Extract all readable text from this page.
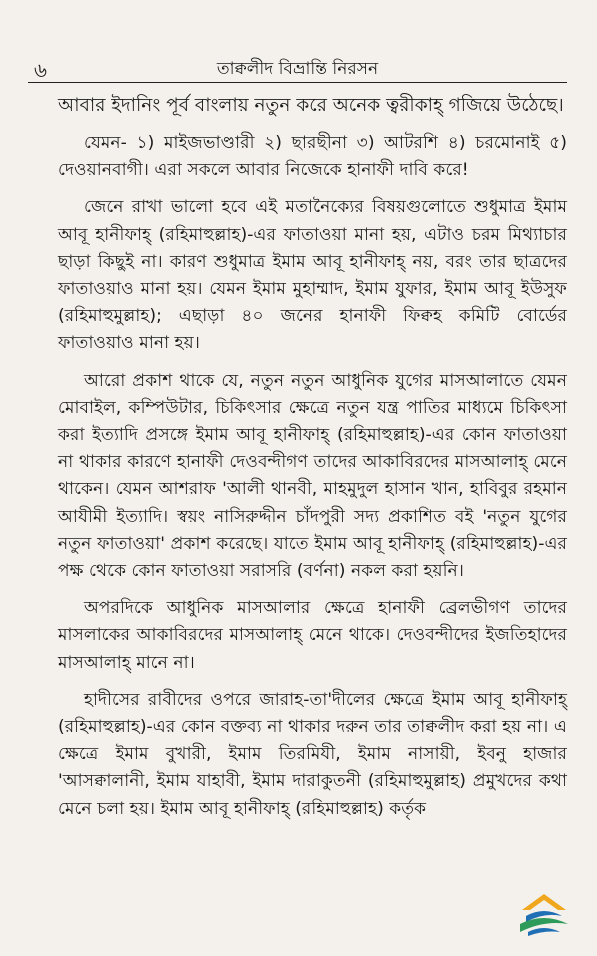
৬	তাক্বলীদ বিভ্রান্তি নিরসন

আবার ইদানিং পূর্ব বাংলায় নতুন করে অনেক ত্বরীকাহ্ গজিয়ে উঠেছে।

যেমন- ১) মাইজভাণ্ডারী ২) ছারছীনা ৩) আটরশি ৪) চরমোনাই ৫) দেওয়ানবাগী। এরা সকলে আবার নিজেকে হানাফী দাবি করে!

জেনে রাখা ভালো হবে এই মতানৈক্যের বিষয়গুলোতে শুধুমাত্র ইমাম আবূ হানীফাহ্ (রহিমাহুল্লাহ)-এর ফাতাওয়া মানা হয়, এটাও চরম মিথ্যাচার ছাড়া কিছুই না। কারণ শুধুমাত্র ইমাম আবূ হানীফাহ্ নয়, বরং তার ছাত্রদের ফাতাওয়াও মানা হয়। যেমন ইমাম মুহাম্মাদ, ইমাম যুফার, ইমাম আবূ ইউসুফ (রহিমাহুমুল্লাহ); এছাড়া ৪০ জনের হানাফী ফিক্বহ কমিটি বোর্ডের ফাতাওয়াও মানা হয়।

আরো প্রকাশ থাকে যে, নতুন নতুন আধুনিক যুগের মাসআলাতে যেমন মোবাইল, কম্পিউটার, চিকিৎসার ক্ষেত্রে নতুন যন্ত্র পাতির মাধ্যমে চিকিৎসা করা ইত্যাদি প্রসঙ্গে ইমাম আবূ হানীফাহ্ (রহিমাহুল্লাহ)-এর কোন ফাতাওয়া না থাকার কারণে হানাফী দেওবন্দীগণ তাদের আকাবিরদের মাসআলাহ্ মেনে থাকেন। যেমন আশরাফ 'আলী থানবী, মাহমুদুল হাসান খান, হাবিবুর রহমান আযীমী ইত্যাদি। স্বয়ং নাসিরুদ্দীন চাঁদপুরী সদ্য প্রকাশিত বই 'নতুন যুগের নতুন ফাতাওয়া' প্রকাশ করেছে। যাতে ইমাম আবূ হানীফাহ্ (রহিমাহুল্লাহ)-এর পক্ষ থেকে কোন ফাতাওয়া সরাসরি (বর্ণনা) নকল করা হয়নি।

অপরদিকে আধুনিক মাসআলার ক্ষেত্রে হানাফী ব্রেলভীগণ তাদের মাসলাকের আকাবিরদের মাসআলাহ্ মেনে থাকে। দেওবন্দীদের ইজতিহাদের মাসআলাহ্ মানে না।

হাদীসের রাবীদের ওপরে জারাহ-তা'দীলের ক্ষেত্রে ইমাম আবূ হানীফাহ্ (রহিমাহুল্লাহ)-এর কোন বক্তব্য না থাকার দরুন তার তাক্বলীদ করা হয় না। এ ক্ষেত্রে ইমাম বুখারী, ইমাম তিরমিযী, ইমাম নাসায়ী, ইবনু হাজার 'আসক্বালানী, ইমাম যাহাবী, ইমাম দারাকুতনী (রহিমাহুমুল্লাহ) প্রমুখদের কথা মেনে চলা হয়। ইমাম আবূ হানীফাহ্ (রহিমাহুল্লাহ) কর্তৃক
